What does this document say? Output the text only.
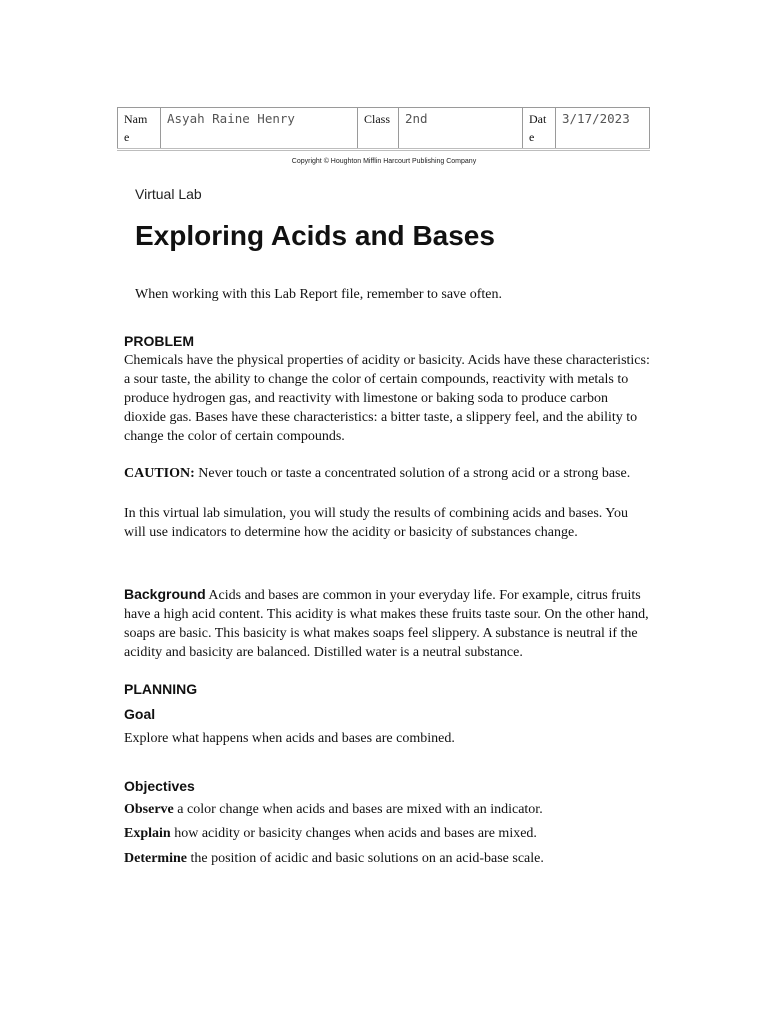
Nam e	Asyah Raine Henry	Class	2nd	Dat e	3/17/2023
Copyright © Houghton Mifflin Harcourt Publishing Company
Virtual Lab
Exploring Acids and Bases
When working with this Lab Report file, remember to save often.
PROBLEM

Chemicals have the physical properties of acidity or basicity. Acids have these characteristics: a sour taste, the ability to change the color of certain compounds, reactivity with metals to produce hydrogen gas, and reactivity with limestone or baking soda to produce carbon dioxide gas. Bases have these characteristics: a bitter taste, a slippery feel, and the ability to change the color of certain compounds.

CAUTION: Never touch or taste a concentrated solution of a strong acid or a strong base.

In this virtual lab simulation, you will study the results of combining acids and bases. You will use indicators to determine how the acidity or basicity of substances change.

Background Acids and bases are common in your everyday life. For example, citrus fruits have a high acid content. This acidity is what makes these fruits taste sour. On the other hand, soaps are basic. This basicity is what makes soaps feel slippery. A substance is neutral if the acidity and basicity are balanced. Distilled water is a neutral substance.

PLANNING
Goal

Explore what happens when acids and bases are combined.

Objectives

Observe a color change when acids and bases are mixed with an indicator.

Explain how acidity or basicity changes when acids and bases are mixed.

Determine the position of acidic and basic solutions on an acid-base scale.
